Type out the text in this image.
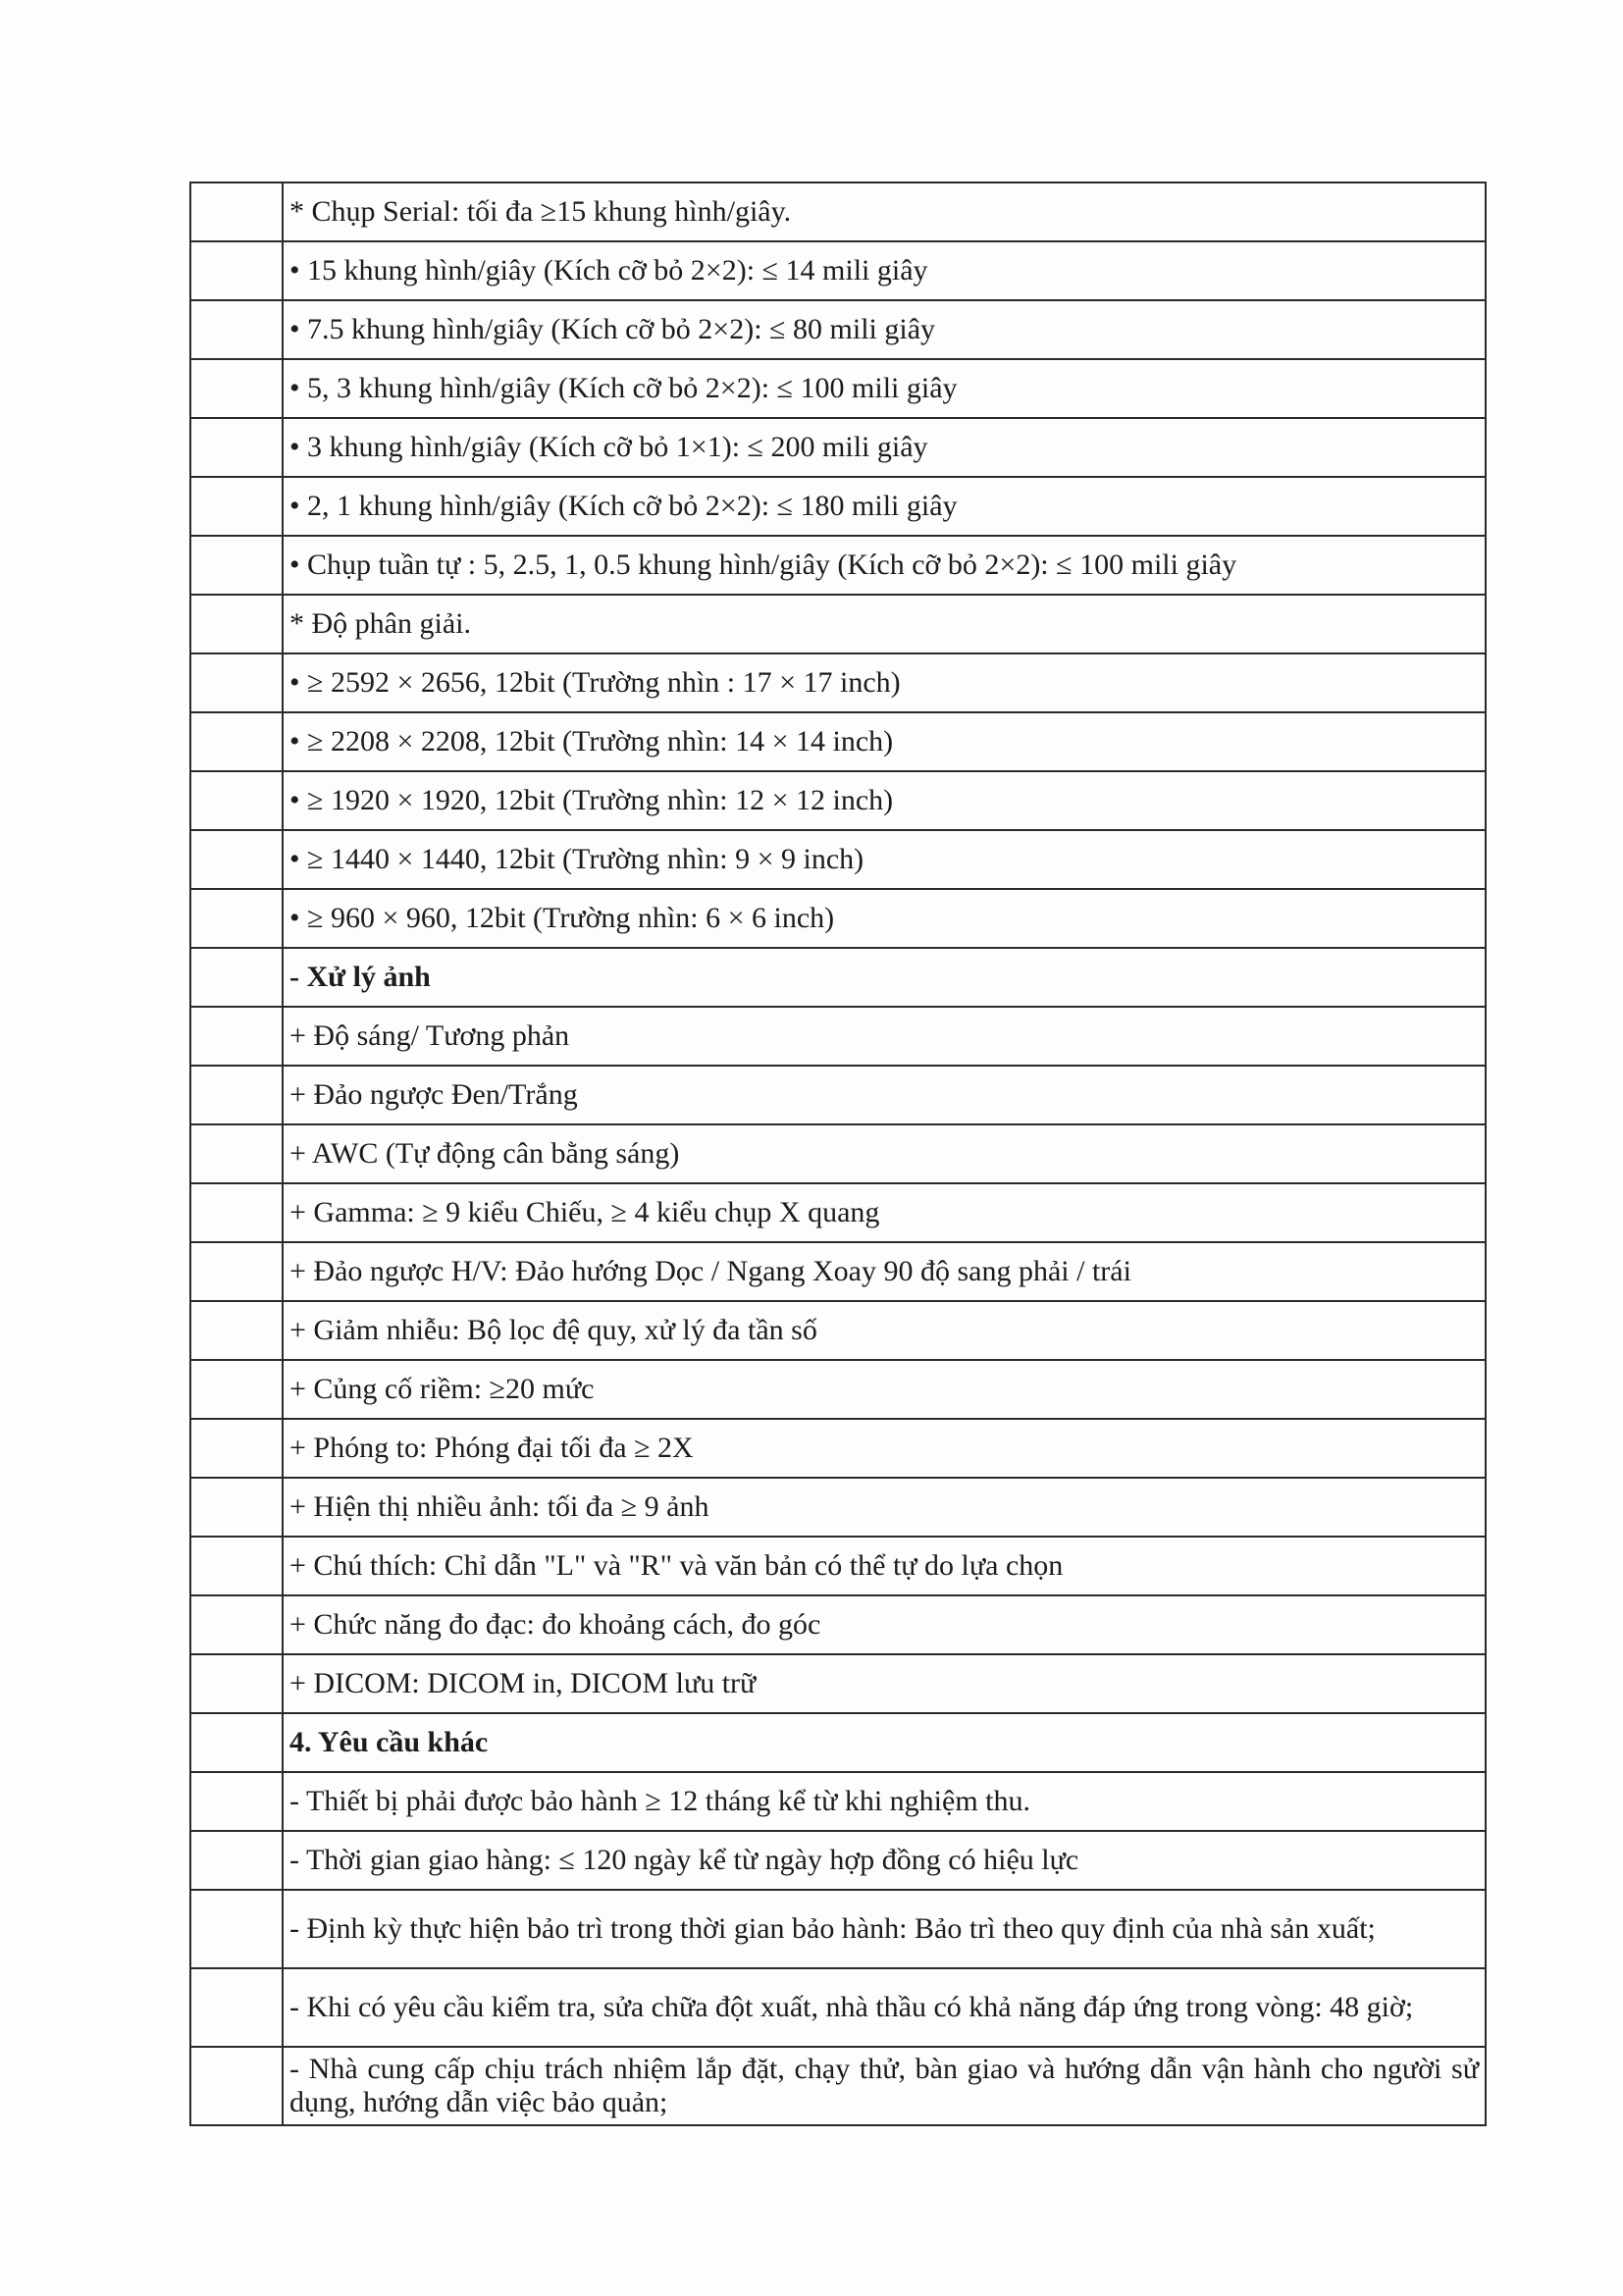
	* Chụp Serial: tối đa ≥15 khung hình/giây.
	• 15 khung hình/giây (Kích cỡ bỏ 2×2): ≤ 14 mili giây
	• 7.5 khung hình/giây (Kích cỡ bỏ 2×2): ≤ 80 mili giây
	• 5, 3 khung hình/giây (Kích cỡ bỏ 2×2): ≤ 100 mili giây
	• 3 khung hình/giây (Kích cỡ bỏ 1×1): ≤ 200 mili giây
	• 2, 1 khung hình/giây (Kích cỡ bỏ 2×2): ≤ 180 mili giây
	• Chụp tuần tự : 5, 2.5, 1, 0.5 khung hình/giây (Kích cỡ bỏ 2×2): ≤ 100 mili giây
	* Độ phân giải.
	• ≥ 2592 × 2656, 12bit (Trường nhìn : 17 × 17 inch)
	• ≥ 2208 × 2208, 12bit (Trường nhìn: 14 × 14 inch)
	• ≥ 1920 × 1920, 12bit (Trường nhìn: 12 × 12 inch)
	• ≥ 1440 × 1440, 12bit (Trường nhìn: 9 × 9 inch)
	• ≥ 960 × 960, 12bit (Trường nhìn: 6 × 6 inch)
	- Xử lý ảnh
	+ Độ sáng/ Tương phản
	+ Đảo ngược Đen/Trắng
	+ AWC (Tự động cân bằng sáng)
	+ Gamma: ≥ 9 kiểu Chiếu, ≥ 4 kiểu chụp X quang
	+ Đảo ngược H/V: Đảo hướng Dọc / Ngang Xoay 90 độ sang phải / trái
	+ Giảm nhiễu: Bộ lọc đệ quy, xử lý đa tần số
	+ Củng cố riềm: ≥20 mức
	+ Phóng to: Phóng đại tối đa ≥ 2X
	+ Hiện thị nhiều ảnh: tối đa ≥ 9 ảnh
	+ Chú thích: Chỉ dẫn "L" và "R" và văn bản có thể tự do lựa chọn
	+ Chức năng đo đạc: đo khoảng cách, đo góc
	+ DICOM: DICOM in, DICOM lưu trữ
	4. Yêu cầu khác
	- Thiết bị phải được bảo hành ≥ 12 tháng kể từ khi nghiệm thu.
	- Thời gian giao hàng: ≤ 120 ngày kể từ ngày hợp đồng có hiệu lực
	- Định kỳ thực hiện bảo trì trong thời gian bảo hành: Bảo trì theo quy định của nhà sản xuất;
	- Khi có yêu cầu kiểm tra, sửa chữa đột xuất, nhà thầu có khả năng đáp ứng trong vòng: 48 giờ;
	- Nhà cung cấp chịu trách nhiệm lắp đặt, chạy thử, bàn giao và hướng dẫn vận hành cho người sử dụng, hướng dẫn việc bảo quản;
